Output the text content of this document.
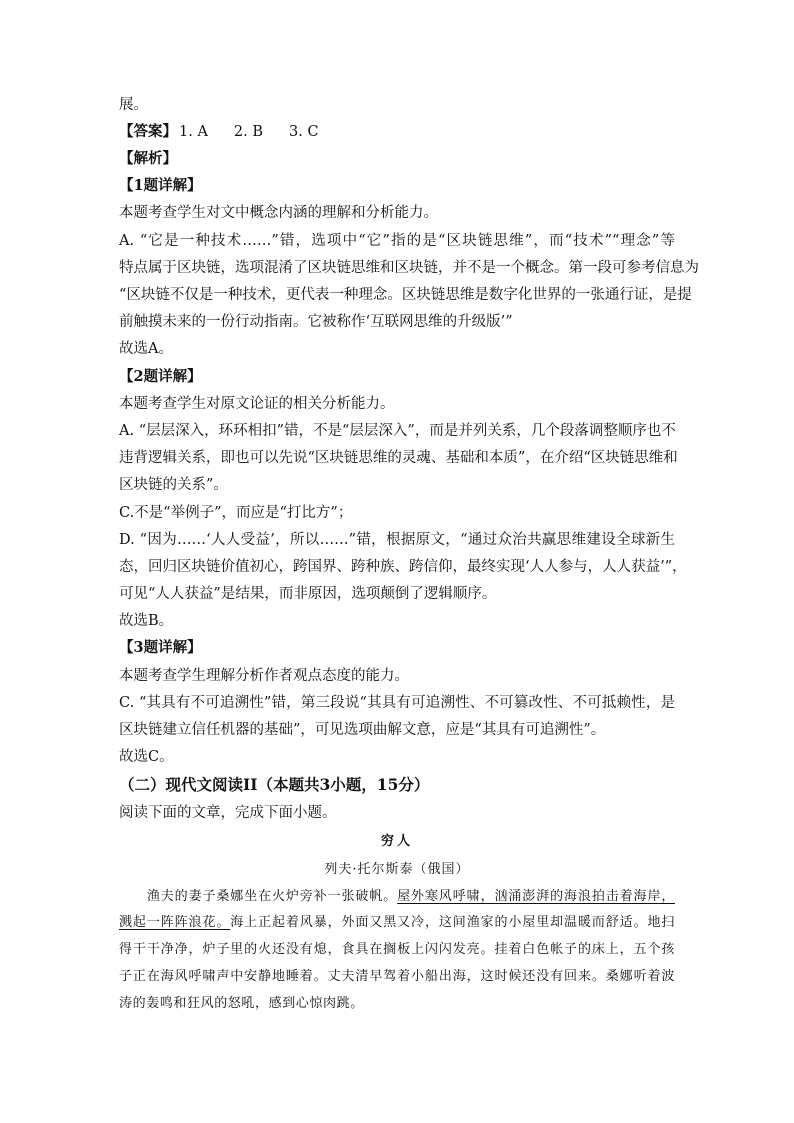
展。
【答案】 1. A 2. B 3. C
【解析】
【1题详解】
本题考查学生对文中概念内涵的理解和分析能力。
A. “它是一种技术……”错，选项中“它”指的是“区块链思维”，而“技术”“理念”等
特点属于区块链，选项混淆了区块链思维和区块链，并不是一个概念。第一段可参考信息为
“区块链不仅是一种技术，更代表一种理念。区块链思维是数字化世界的一张通行证，是提
前触摸未来的一份行动指南。它被称作‘互联网思维的升级版’”
故选A。
【2题详解】
本题考查学生对原文论证的相关分析能力。
A. “层层深入，环环相扣”错，不是“层层深入”，而是并列关系，几个段落调整顺序也不
违背逻辑关系，即也可以先说“区块链思维的灵魂、基础和本质”，在介绍“区块链思维和
区块链的关系”。
C.不是“举例子”，而应是“打比方”；
D. “因为……‘人人受益’，所以……”错，根据原文，“通过众治共赢思维建设全球新生
态，回归区块链价值初心，跨国界、跨种族、跨信仰，最终实现‘人人参与，人人获益’”，
可见“人人获益”是结果，而非原因，选项颠倒了逻辑顺序。
故选B。
【3题详解】
本题考查学生理解分析作者观点态度的能力。
C. “其具有不可追溯性”错，第三段说“其具有可追溯性、不可篡改性、不可抵赖性，是
区块链建立信任机器的基础”，可见选项曲解文意，应是“其具有可追溯性”。
故选C。
（二）现代文阅读II（本题共3小题，15分）
阅读下面的文章，完成下面小题。
穷人
列夫·托尔斯泰（俄国）
　　渔夫的妻子桑娜坐在火炉旁补一张破帆。屋外寒风呼啸，汹涌澎湃的海浪拍击着海岸，
溅起一阵阵浪花。海上正起着风暴，外面又黑又冷，这间渔家的小屋里却温暖而舒适。地扫
得干干净净，炉子里的火还没有熄，食具在搁板上闪闪发亮。挂着白色帐子的床上，五个孩
子正在海风呼啸声中安静地睡着。丈夫清早驾着小船出海，这时候还没有回来。桑娜听着波
涛的轰鸣和狂风的怒吼，感到心惊肉跳。
